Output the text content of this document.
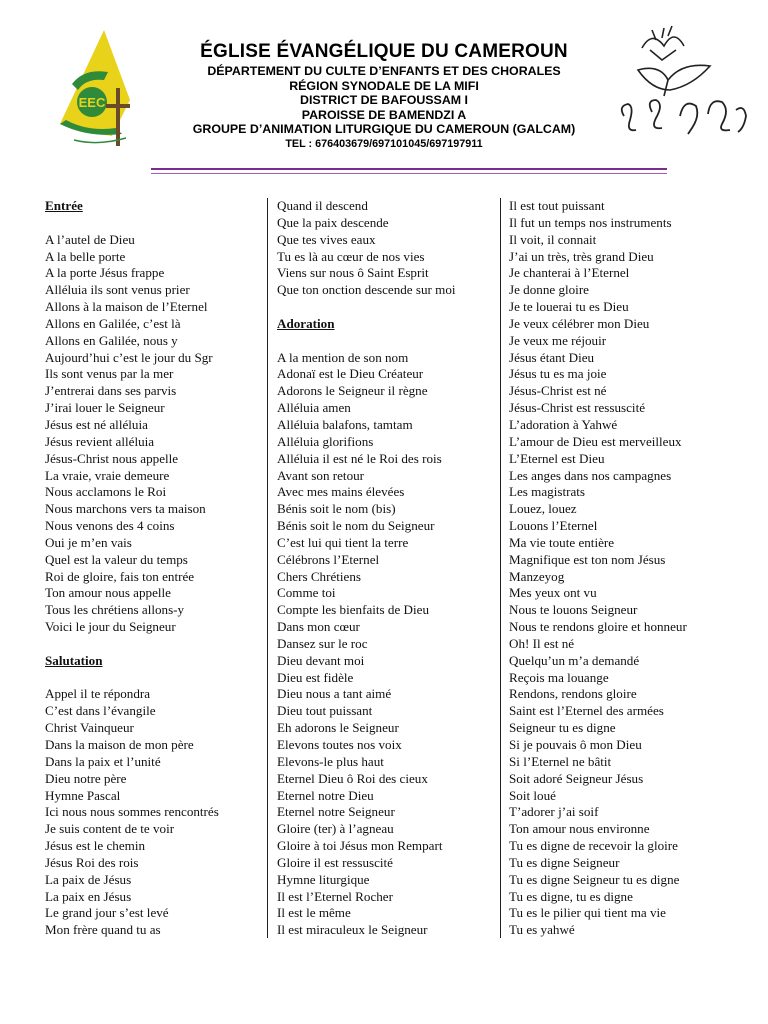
EEC
ÉGLISE ÉVANGÉLIQUE DU CAMEROUN
DÉPARTEMENT DU CULTE D’ENFANTS ET DES CHORALES
RÉGION SYNODALE DE LA MIFI
DISTRICT DE BAFOUSSAM I
PAROISSE DE BAMENDZI A
GROUPE D’ANIMATION LITURGIQUE DU CAMEROUN (GALCAM)
TEL : 676403679/697101045/697197911
Entrée
A l’autel de Dieu
A la belle porte
A la porte Jésus frappe
Alléluia ils sont venus prier
Allons à la maison de l’Eternel
Allons en Galilée, c’est là
Allons en Galilée, nous y
Aujourd’hui c’est le jour du Sgr
Ils sont venus par la mer
J’entrerai dans ses parvis
J’irai louer le Seigneur
Jésus est né alléluia
Jésus revient alléluia
Jésus-Christ nous appelle
La vraie, vraie demeure
Nous acclamons le Roi
Nous marchons vers ta maison
Nous venons des 4 coins
Oui je m’en vais
Quel est la valeur du temps
Roi de gloire, fais ton entrée
Ton amour nous appelle
Tous les chrétiens allons-y
Voici le jour du Seigneur
Salutation
Appel il te répondra
C’est dans l’évangile
Christ Vainqueur
Dans la maison de mon père
Dans la paix et l’unité
Dieu notre père
Hymne Pascal
Ici nous nous sommes rencontrés
Je suis content de te voir
Jésus est le chemin
Jésus Roi des rois
La paix de Jésus
La paix en Jésus
Le grand jour s’est levé
Mon frère quand tu as
Quand il descend
Que la paix descende
Que tes vives eaux
Tu es là au cœur de nos vies
Viens sur nous ô Saint Esprit
Que ton onction descende sur moi
Adoration
A la mention de son nom
Adonaï est le Dieu Créateur
Adorons le Seigneur il règne
Alléluia amen
Alléluia balafons, tamtam
Alléluia glorifions
Alléluia il est né le Roi des rois
Avant son retour
Avec mes mains élevées
Bénis soit le nom (bis)
Bénis soit le nom du Seigneur
C’est lui qui tient la terre
Célébrons l’Eternel
Chers Chrétiens
Comme toi
Compte les bienfaits de Dieu
Dans mon cœur
Dansez sur le roc
Dieu devant moi
Dieu est fidèle
Dieu nous a tant aimé
Dieu tout puissant
Eh adorons le Seigneur
Elevons toutes nos voix
Elevons-le plus haut
Eternel Dieu ô Roi des cieux
Eternel notre Dieu
Eternel notre Seigneur
Gloire (ter) à l’agneau
Gloire à toi Jésus mon Rempart
Gloire il est ressuscité
Hymne liturgique
Il est l’Eternel Rocher
Il est le même
Il est miraculeux le Seigneur
Il est tout puissant
Il fut un temps nos instruments
Il voit, il connait
J’ai un très, très grand Dieu
Je chanterai à l’Eternel
Je donne gloire
Je te louerai tu es Dieu
Je veux célébrer mon Dieu
Je veux me réjouir
Jésus étant Dieu
Jésus tu es ma joie
Jésus-Christ est né
Jésus-Christ est ressuscité
L’adoration à Yahwé
L’amour de Dieu est merveilleux
L’Eternel est Dieu
Les anges dans nos campagnes
Les magistrats
Louez, louez
Louons l’Eternel
Ma vie toute entière
Magnifique est ton nom Jésus
Manzeyog
Mes yeux ont vu
Nous te louons Seigneur
Nous te rendons gloire et honneur
Oh! Il est né
Quelqu’un m’a demandé
Reçois ma louange
Rendons, rendons gloire
Saint est l’Eternel des armées
Seigneur tu es digne
Si je pouvais ô mon Dieu
Si l’Eternel ne bâtit
Soit adoré Seigneur Jésus
Soit loué
T’adorer j’ai soif
Ton amour nous environne
Tu es digne de recevoir la gloire
Tu es digne Seigneur
Tu es digne Seigneur tu es digne
Tu es digne, tu es digne
Tu es le pilier qui tient ma vie
Tu es yahwé
